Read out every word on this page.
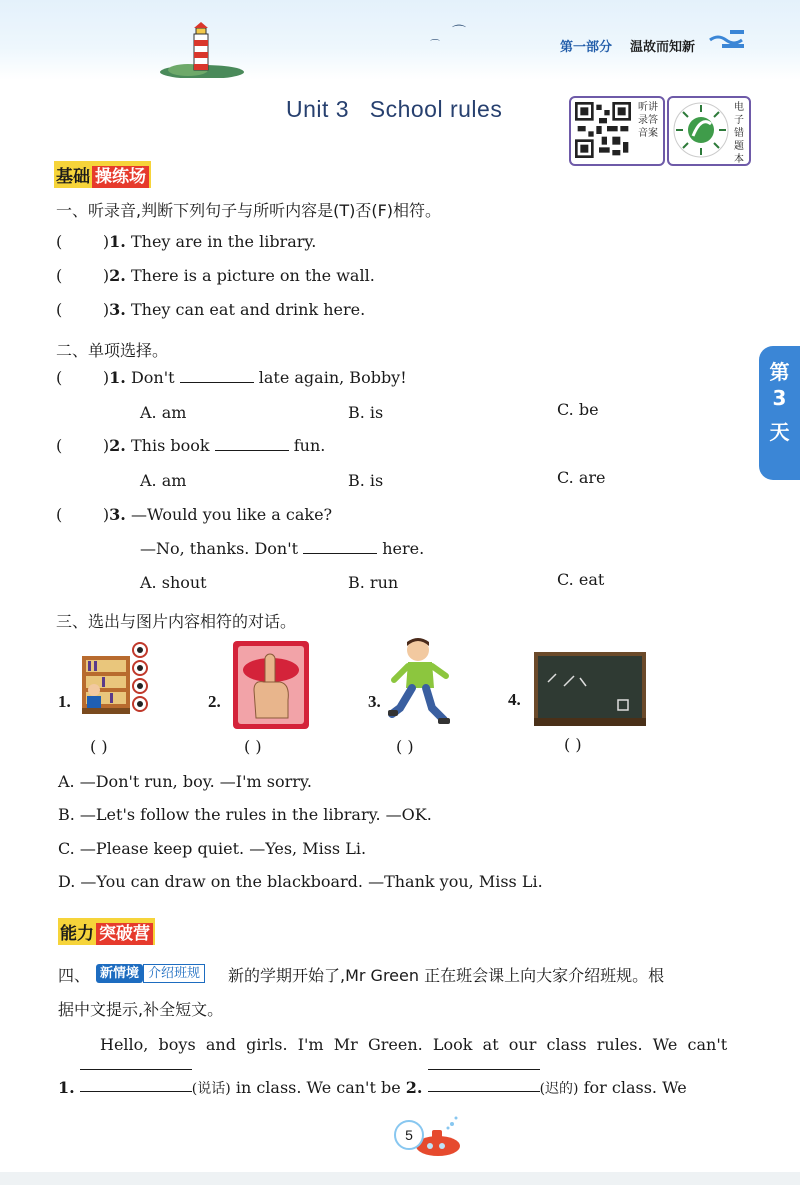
⌒
⌒	第一部分 温故而知新
Unit 3   School rules	听讲录答音案
电子错题本
第
3
天
基础 操练场
一、听录音,判断下列句子与所听内容是(T)否(F)相符。
(        )1. They are in the library.
(        )2. There is a picture on the wall.
(        )3. They can eat and drink here.
二、单项选择。
(        )1. Don't	late again, Bobby!
A. am	B. is	C. be
(        )2. This book	fun.
A. am	B. is	C. are
(        )3. —Would you like a cake?
—No, thanks. Don't	here.
A. shout	B. run	C. eat
三、选出与图片内容相符的对话。
1.
( )
2.
( )
3.
( )
4.
( )
A. —Don't run, boy. —I'm sorry.
B. —Let's follow the rules in the library. —OK.
C. —Please keep quiet. —Yes, Miss Li.
D. —You can draw on the blackboard. —Thank you, Miss Li.
能力 突破营
四、 新情境 介绍班规	新的学期开始了,Mr Green 正在班会课上向大家介绍班规。根
据中文提示,补全短文。
Hello,  boys  and  girls.  I'm  Mr  Green.  Look  at  our  class  rules.  We  can't
1.	(说话) in class. We can't be 2.	(迟的) for class. We
5
